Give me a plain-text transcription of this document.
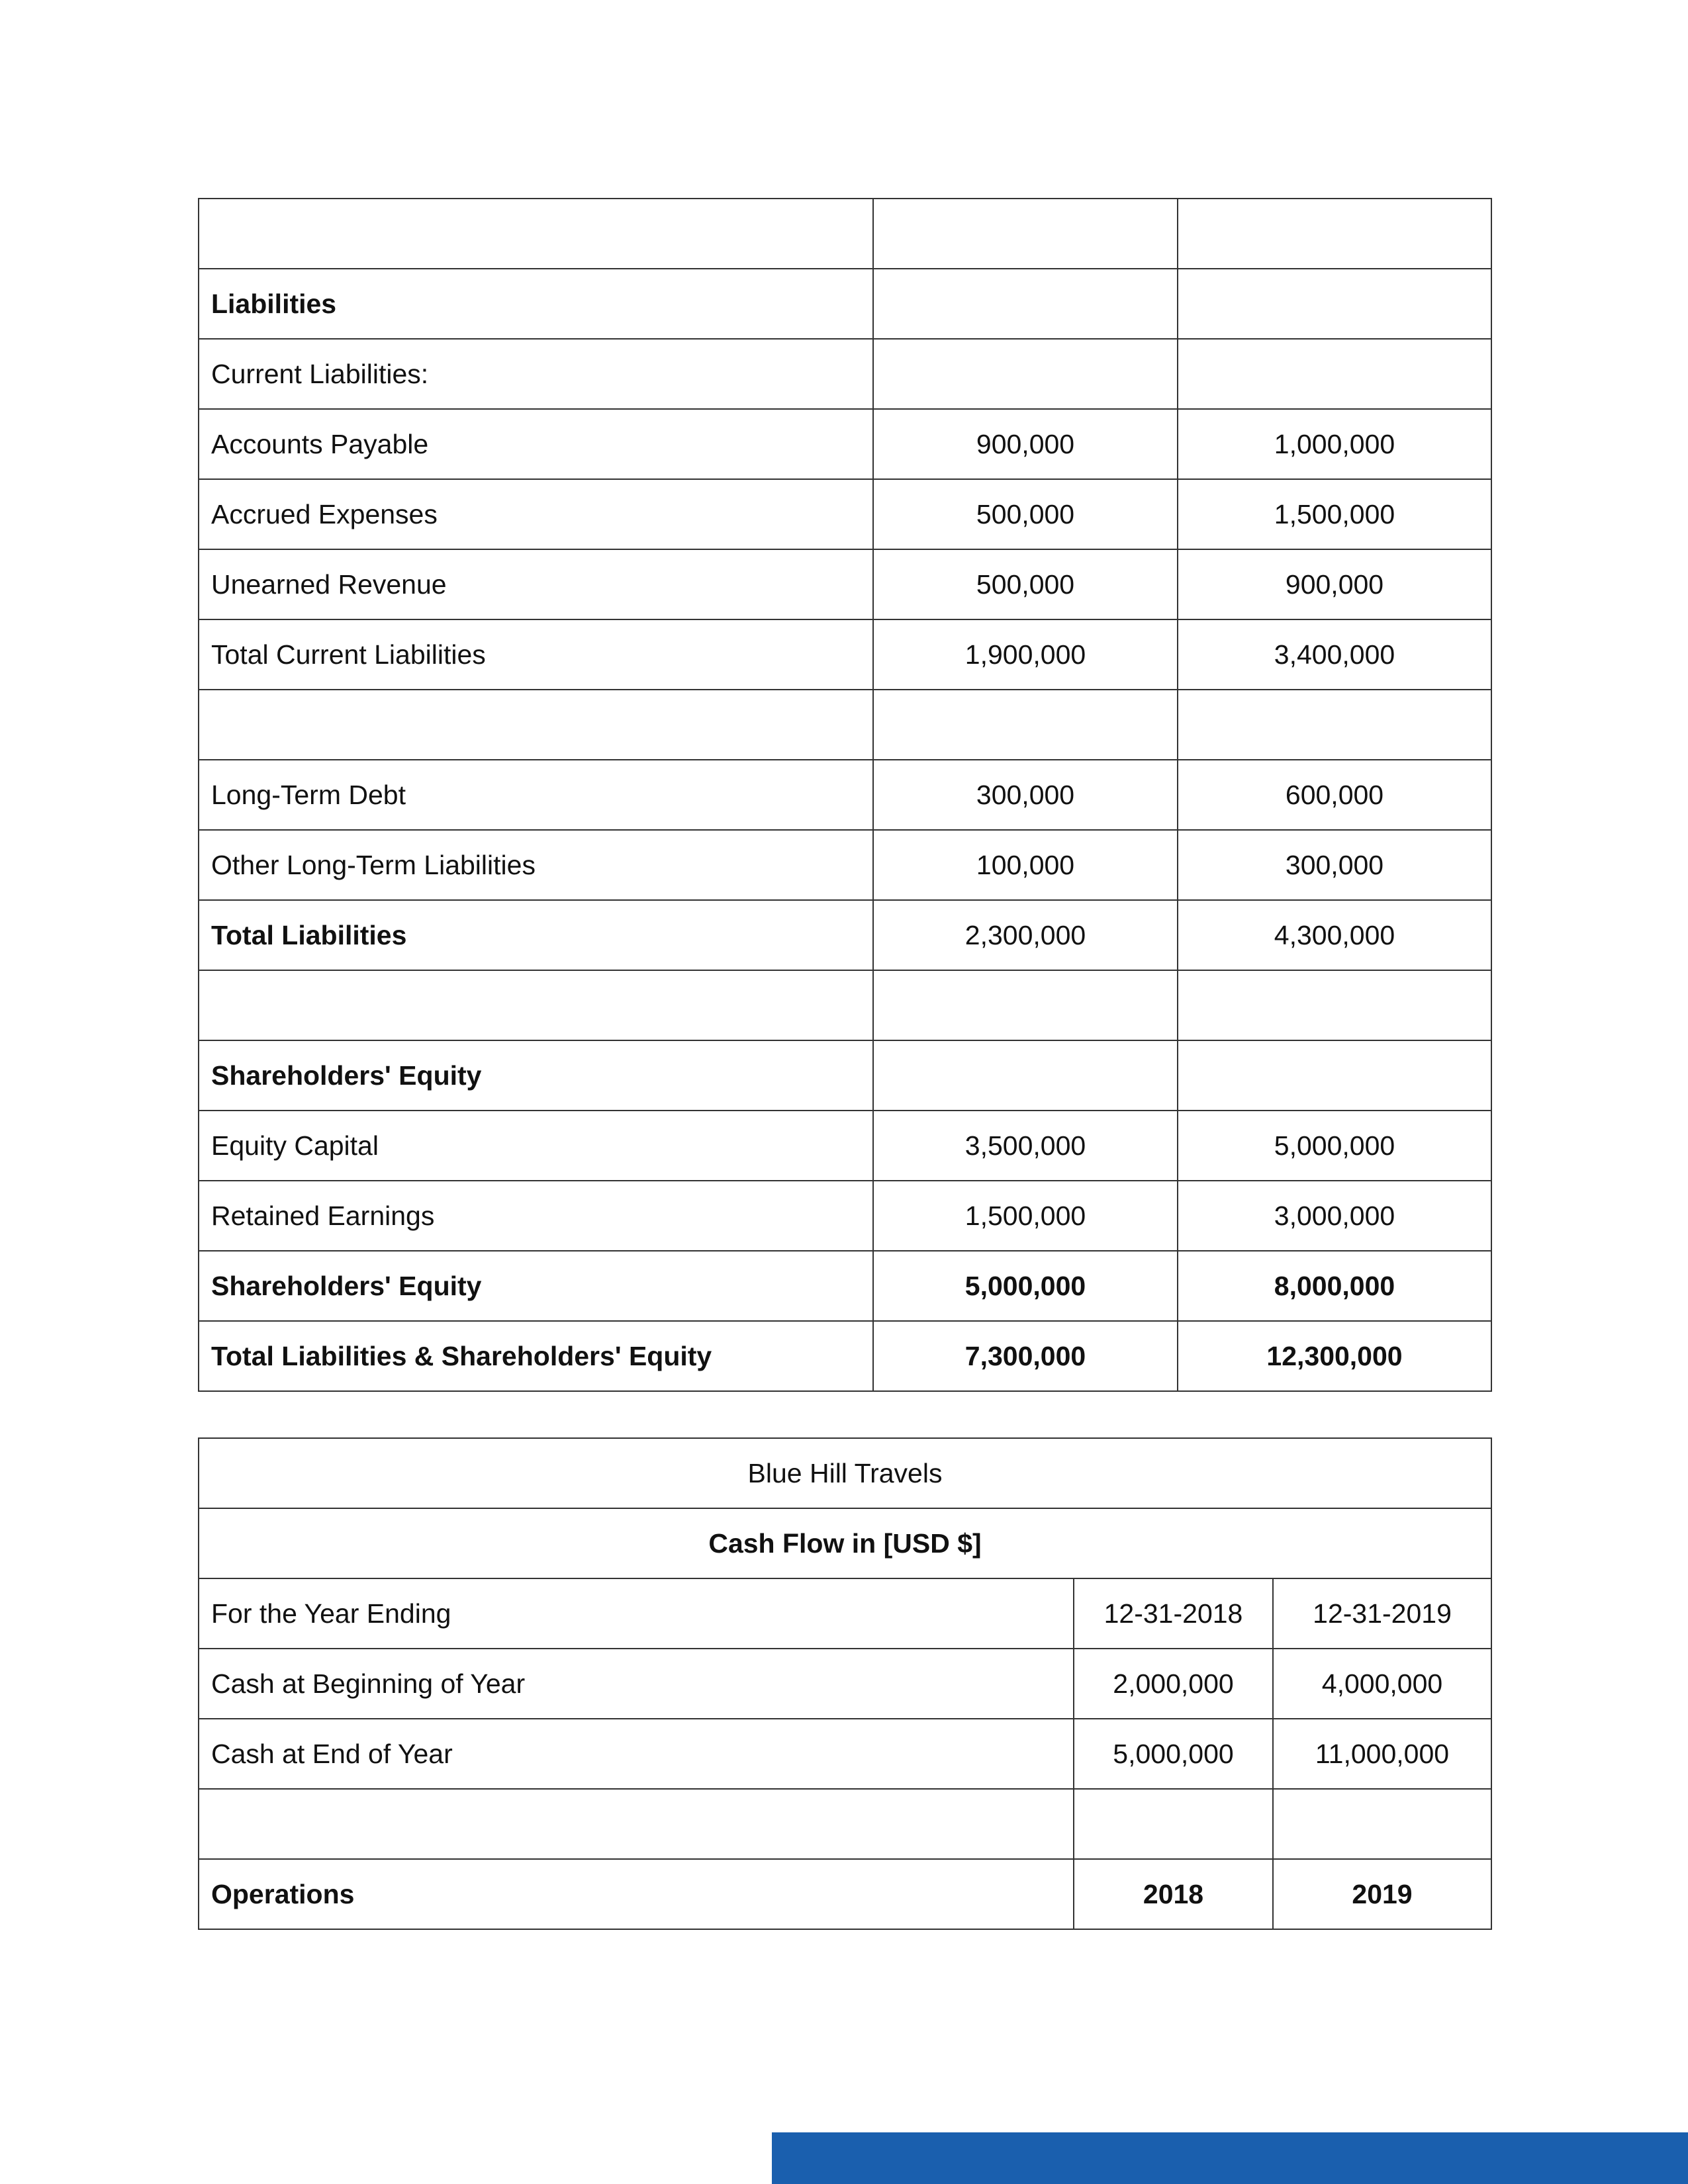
Liabilities		
Current Liabilities:		
Accounts Payable	900,000	1,000,000
Accrued Expenses	500,000	1,500,000
Unearned Revenue	500,000	900,000
Total Current Liabilities	1,900,000	3,400,000

Long-Term Debt	300,000	600,000
Other Long-Term Liabilities	100,000	300,000
Total Liabilities	2,300,000	4,300,000

Shareholders' Equity		
Equity Capital	3,500,000	5,000,000
Retained Earnings	1,500,000	3,000,000
Shareholders' Equity	5,000,000	8,000,000
Total Liabilities & Shareholders' Equity	7,300,000	12,300,000
Blue Hill Travels		
Cash Flow in [USD $]		
For the Year Ending	12-31-2018	12-31-2019
Cash at Beginning of Year	2,000,000	4,000,000
Cash at End of Year	5,000,000	11,000,000

Operations	2018	2019
